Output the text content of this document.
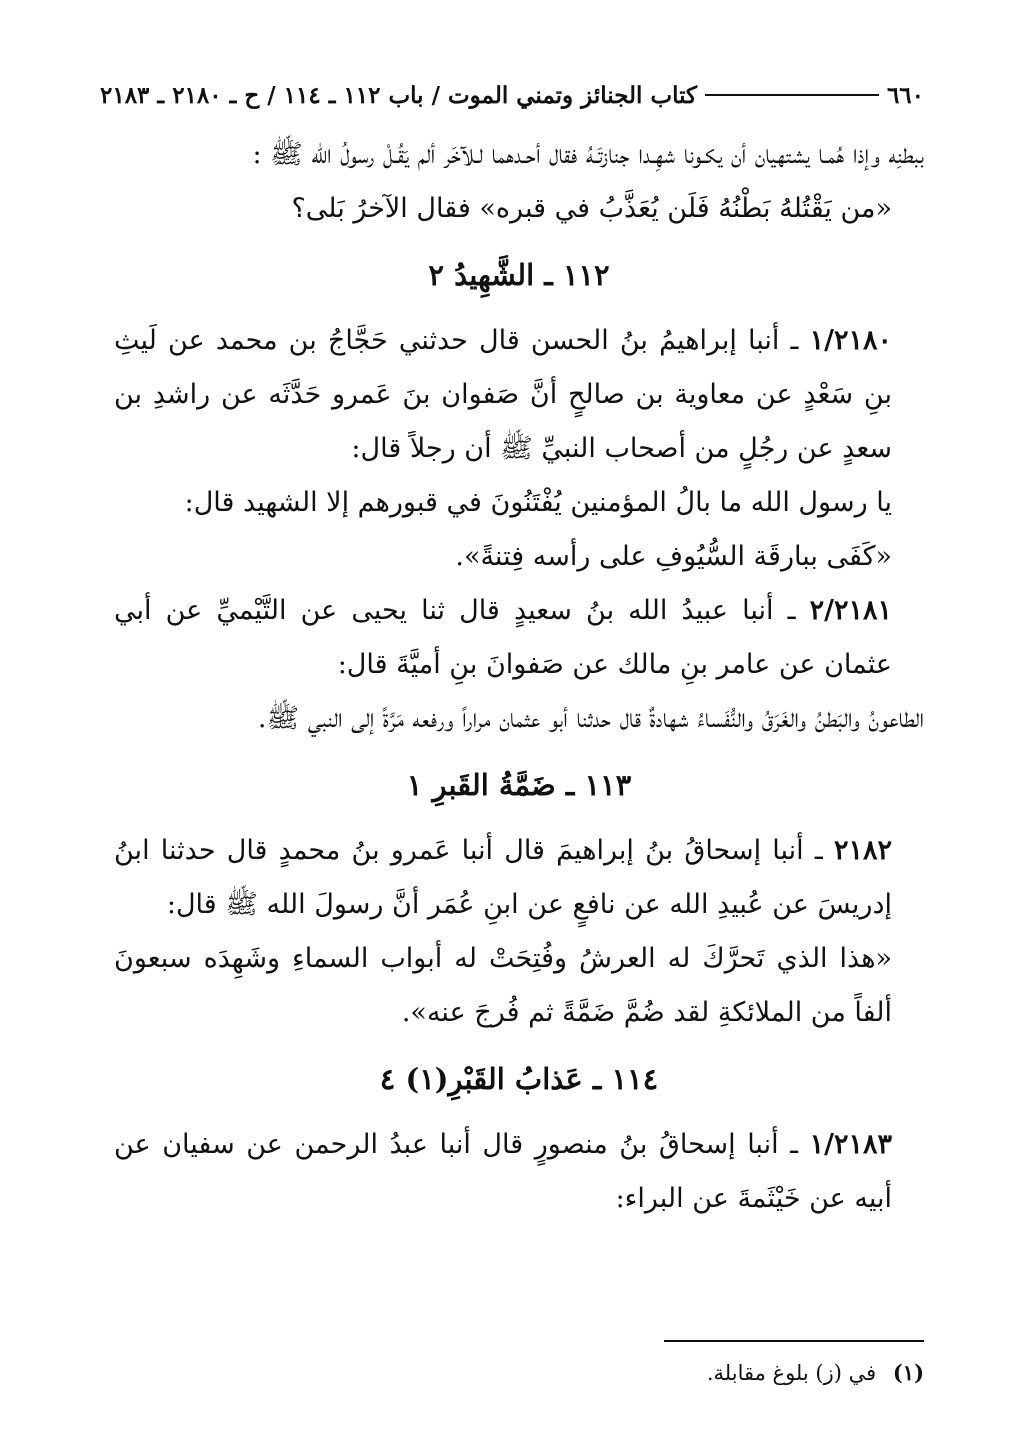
٦٦٠
كتاب الجنائز وتمني الموت / باب ١١٢ ـ ١١٤ / ح ـ ٢١٨٠ ـ ٢١٨٣

ببطنِه وإذا هُمـا يشتهيان أن يكـونا شهِـدا جنازتَـهُ فقال أحـدهما لـلآخَر ألم يَقُـلْ رسولُ الله ﷺ :

«من يَقْتُلهُ بَطْنُهُ فَلَن يُعَذَّبُ في قبره» فقال الآخرُ بَلى؟

١١٢ ـ الشَّهِيدُ ٢

١/٢١٨٠ ـ أنبا إبراهيمُ بنُ الحسن قال حدثني حَجَّاجُ بن محمد عن لَيثِ بنِ سَعْدٍ عن معاوية بن صالحٍ أنَّ صَفوان بنَ عَمرو حَدَّثَه عن راشدِ بن سعدٍ عن رجُلٍ من أصحاب النبيِّ ﷺ أن رجلاً قال:

يا رسول الله ما بالُ المؤمنين يُفْتَنُونَ في قبورهم إلا الشهيد قال:

«كَفَى ببارقَة السُّيُوفِ على رأسه فِتنةً».

٢/٢١٨١ ـ أنبا عبيدُ الله بنُ سعيدٍ قال ثنا يحيى عن التَّيْميِّ عن أبي عثمان عن عامر بنِ مالك عن صَفوانَ بنِ أميَّةَ قال:

الطاعونُ والبَطنُ والغَرَقُ والنُّفَساءُ شهادةٌ قال حدثنا أبو عثمان مراراً ورفعه مَرَّةً إلى النبي ﷺ.

١١٣ ـ ضَمَّةُ القَبرِ ١

٢١٨٢ ـ أنبا إسحاقُ بنُ إبراهيمَ قال أنبا عَمرو بنُ محمدٍ قال حدثنا ابنُ إدريسَ عن عُبيدِ الله عن نافعٍ عن ابنِ عُمَر أنَّ رسولَ الله ﷺ قال:

«هذا الذي تَحرَّكَ له العرشُ وفُتِحَتْ له أبواب السماءِ وشَهِدَه سبعونَ ألفاً من الملائكةِ لقد ضُمَّ ضَمَّةً ثم فُرجَ عنه».

١١٤ ـ عَذابُ القَبْرِ(١) ٤

١/٢١٨٣ ـ أنبا إسحاقُ بنُ منصورٍ قال أنبا عبدُ الرحمن عن سفيان عن أبيه عن خَيْثَمةَ عن البراء:

(١) في (ز) بلوغ مقابلة.
